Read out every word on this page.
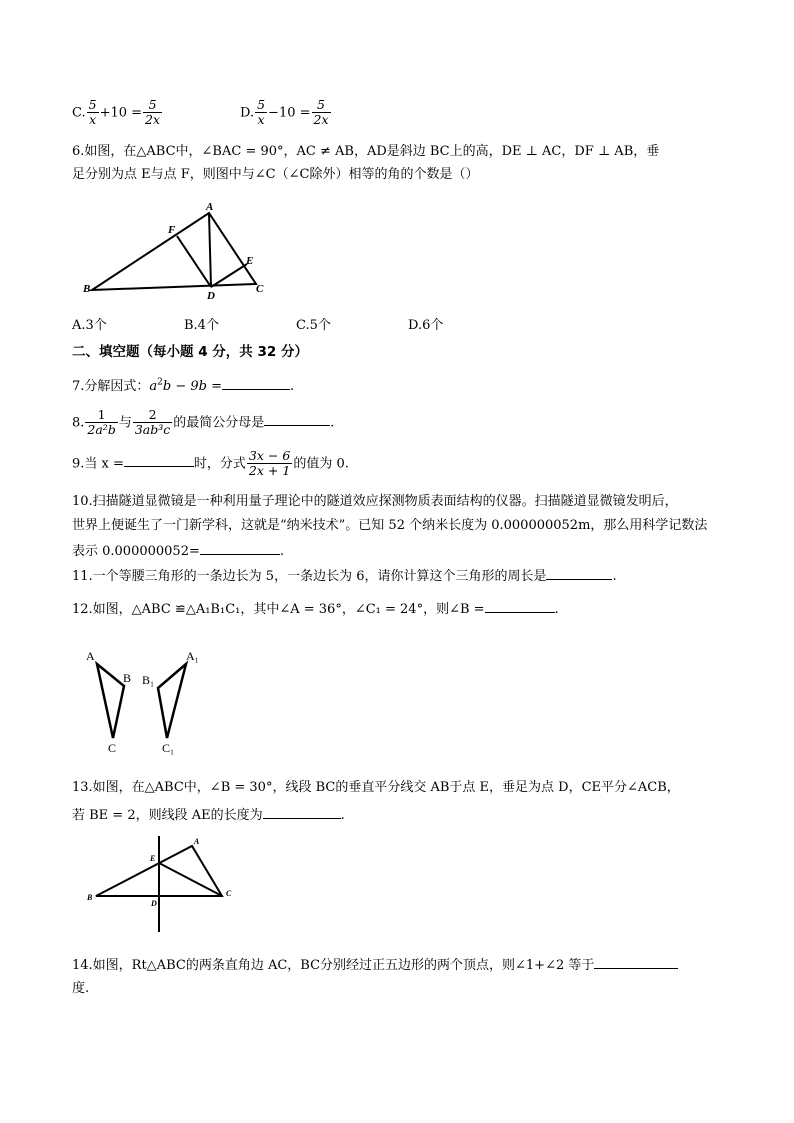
C. $\frac{5}{x} +10 = \frac{5}{2x}$	D. $\frac{5}{x} -10 = \frac{5}{2x}$
6.如图，在△ABC中，∠BAC = 90°，AC ≠ AB，AD是斜边 BC上的高，DE ⊥ AC，DF ⊥ AB，垂
足分别为点 E与点 F，则图中与∠C（∠C除外）相等的角的个数是（）
A
B	C
D
E
F
A.3个	B.4个	C.5个	D.6个
二、填空题（每小题 4 分，共 32 分）
7.分解因式：$a^2b - 9b$ =	.
8. $\frac{1}{\text{2a²b}}$ 与 $\frac{2}{\text{3ab³c}}$ 的最简公分母是	.
9.当 x =	时，分式 $\frac{3x - 6}{2x + 1}$ 的值为 0.
10.扫描隧道显微镜是一种利用量子理论中的隧道效应探测物质表面结构的仪器。扫描隧道显微镜发明后，
世界上便诞生了一门新学科，这就是“纳米技术”。已知 52 个纳米长度为 0.000000052m，那么用科学记数法
表示 0.000000052=	.
11.一个等腰三角形的一条边长为 5，一条边长为 6，请你计算这个三角形的周长是	.
12.如图，△ABC ≌△A₁B₁C₁，其中∠A = 36°，∠C₁ = 24°，则∠B =	.
A
B
C
A₁
B₁
C₁
13.如图，在△ABC中，∠B = 30°，线段 BC的垂直平分线交 AB于点 E，垂足为点 D，CE平分∠ACB，
若 BE = 2，则线段 AE的长度为	.
A
B	C
D
E
14.如图，Rt△ABC的两条直角边 AC，BC分别经过正五边形的两个顶点，则∠1+∠2 等于
度.
